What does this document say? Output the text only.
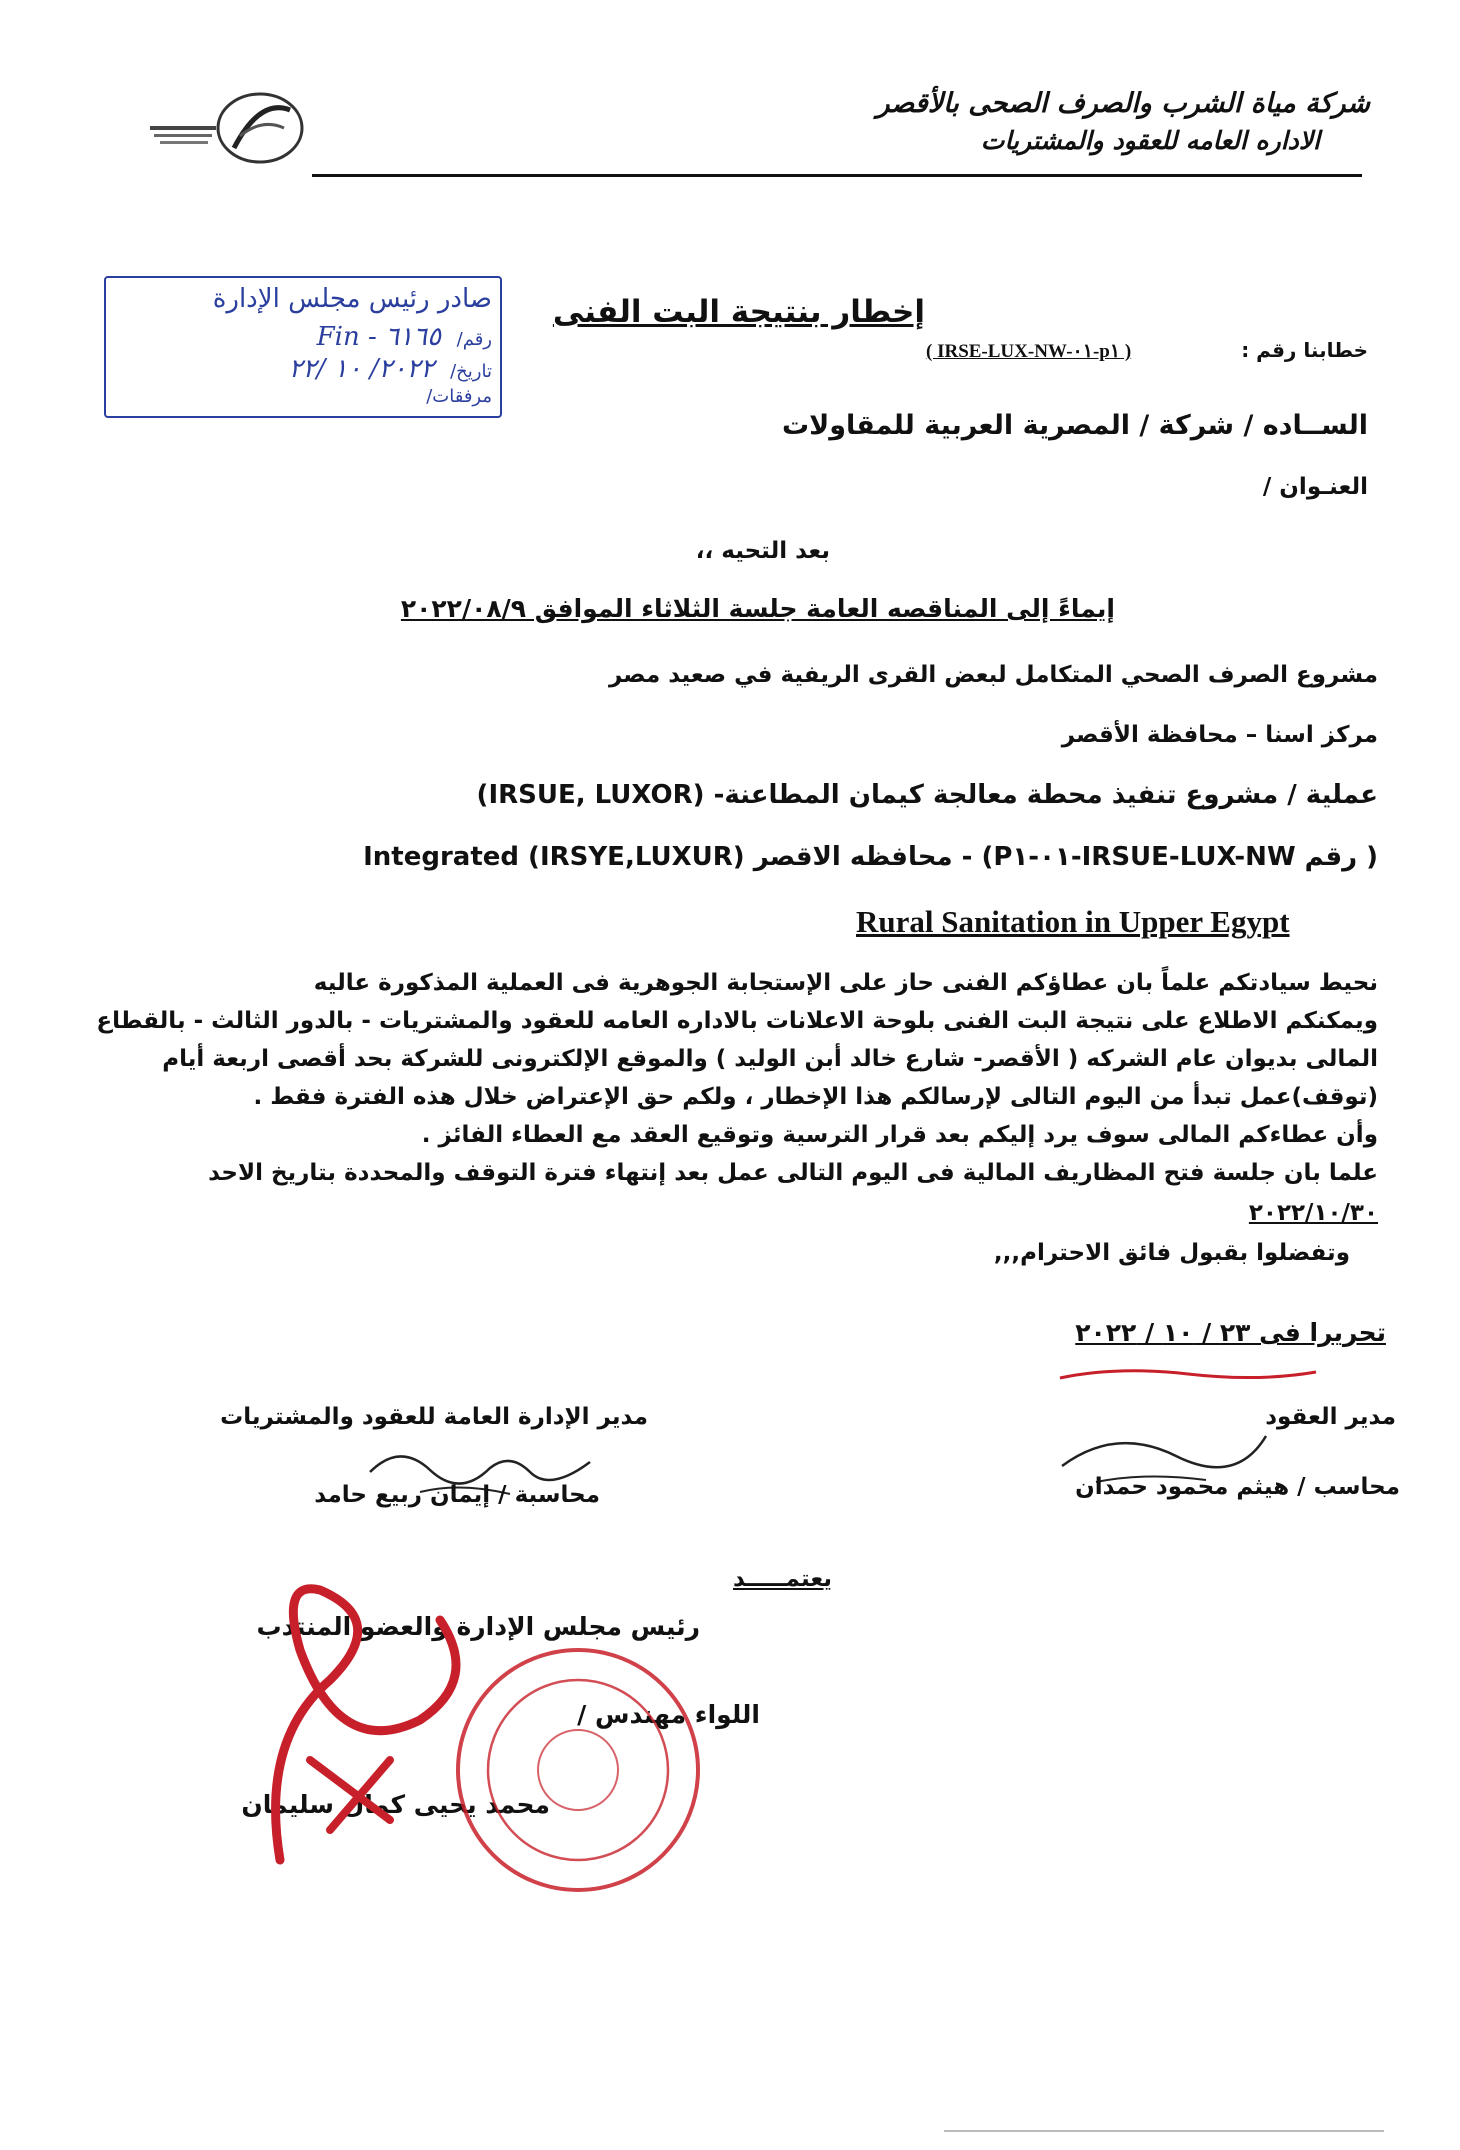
شركة مياة الشرب والصرف الصحى بالأقصر
الاداره العامه للعقود والمشتريات
صادر رئيس مجلس الإدارة
رقم/ ٦١٦٥ - Fin
تاريخ/ ٢٠٢٢/ ١٠ /٢٢
مرفقات/
إخطار بنتيجة البت الفنى
خطابنا رقم :
( IRSE-LUX-NW-٠١-p١ )
الســاده / شركة / المصرية العربية للمقاولات
العنـوان /
بعد التحيه ،،
إيماءً إلى المناقصه العامة جلسة الثلاثاء الموافق ٢٠٢٢/٠٨/٩
مشروع الصرف الصحي المتكامل لبعض القرى الريفية في صعيد مصر
مركز اسنا – محافظة الأقصر
عملية / مشروع تنفيذ محطة معالجة كيمان المطاعنة- (IRSUE, LUXOR)
( رقم IRSUE-LUX-NW-٠١-P١) - محافظه الاقصر (IRSYE,LUXUR) Integrated
Rural Sanitation in Upper Egypt
نحيط سيادتكم علماً بان عطاؤكم الفنى حاز على الإستجابة الجوهرية فى العملية المذكورة عاليه
ويمكنكم الاطلاع على نتيجة البت الفنى بلوحة الاعلانات بالاداره العامه للعقود والمشتريات - بالدور الثالث - بالقطاع
المالى بديوان عام الشركه ( الأقصر- شارع خالد أبن الوليد ) والموقع الإلكترونى للشركة بحد أقصى اربعة أيام
(توقف)عمل تبدأ من اليوم التالى لإرسالكم هذا الإخطار ، ولكم حق الإعتراض خلال هذه الفترة فقط .
وأن عطاءكم المالى سوف يرد إليكم بعد قرار الترسية وتوقيع العقد مع العطاء الفائز .
علما بان جلسة فتح المظاريف المالية فى اليوم التالى عمل بعد إنتهاء فترة التوقف والمحددة بتاريخ الاحد
٢٠٢٢/١٠/٣٠
وتفضلوا بقبول فائق الاحترام,,,
تحريرا فى ٢٣ / ١٠ / ٢٠٢٢
مدير الإدارة العامة للعقود والمشتريات
محاسبة / إيمان ربيع حامد
مدير العقود
محاسب / هيثم محمود حمدان
يعتمـــــد
رئيس مجلس الإدارة والعضو المنتدب
اللواء مهندس /
محمد يحيى كمال سليمان
